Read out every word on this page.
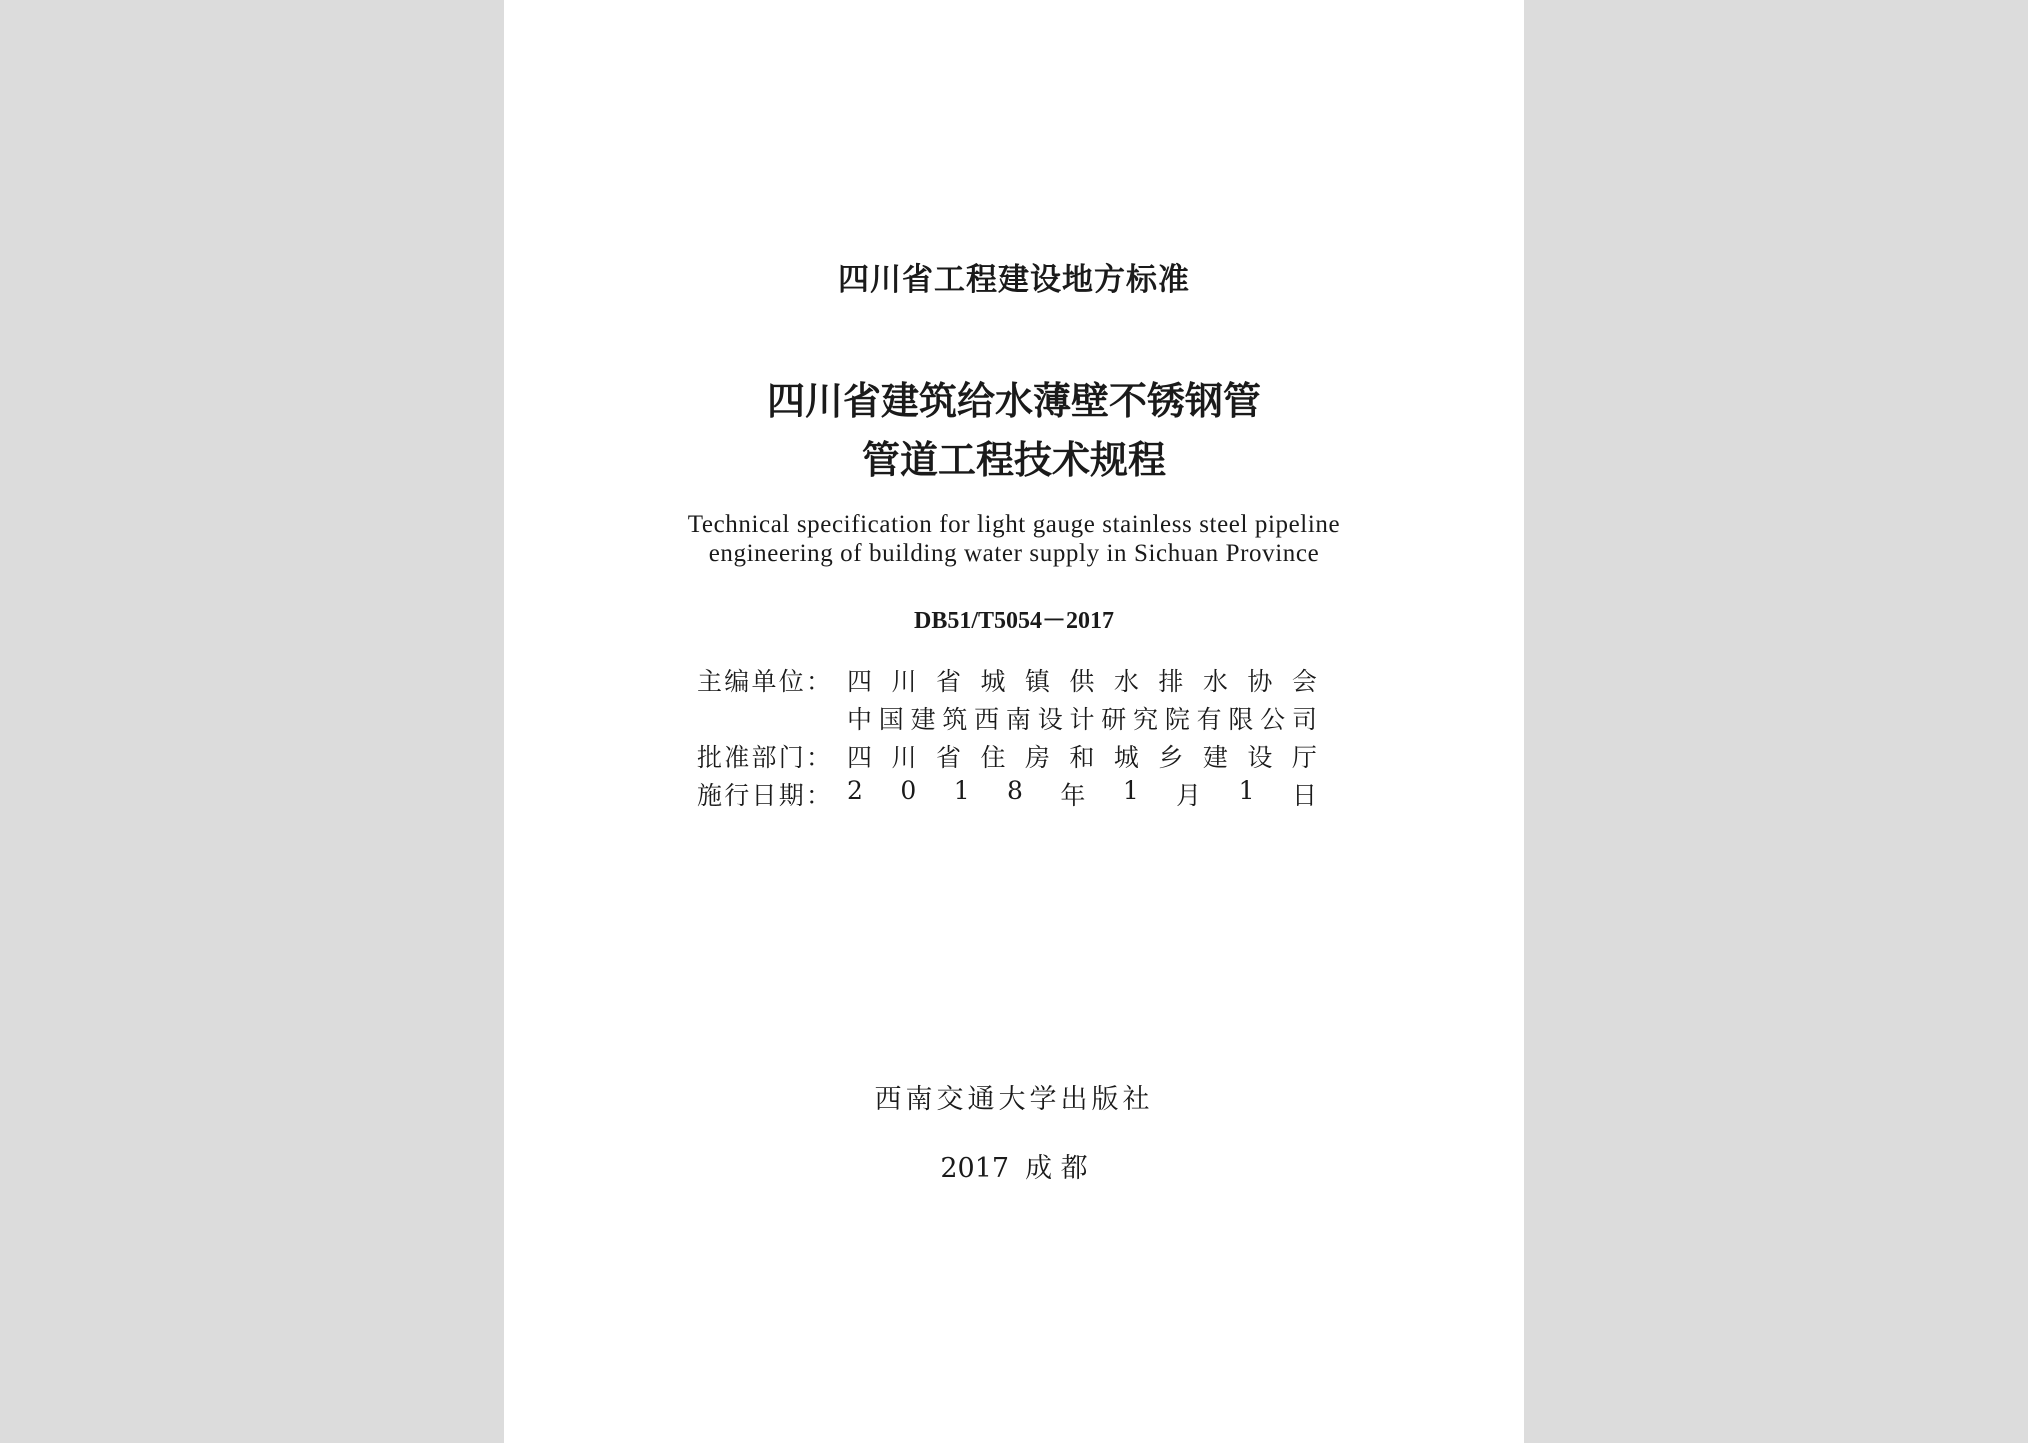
四川省工程建设地方标准
四川省建筑给水薄壁不锈钢管
管道工程技术规程
Technical specification for light gauge stainless steel pipeline
engineering of building water supply in Sichuan Province
DB51/T5054－2017
主 编 单 位 ： 四 川 省 城 镇 供 水 排 水 协 会
中 国 建 筑 西 南 设 计 研 究 院 有 限 公 司
批 准 部 门 ： 四 川 省 住 房 和 城 乡 建 设 厅
施 行 日 期 ： 2 0 1 8 年 1 月 1 日
西南交通大学出版社
2017 成 都
